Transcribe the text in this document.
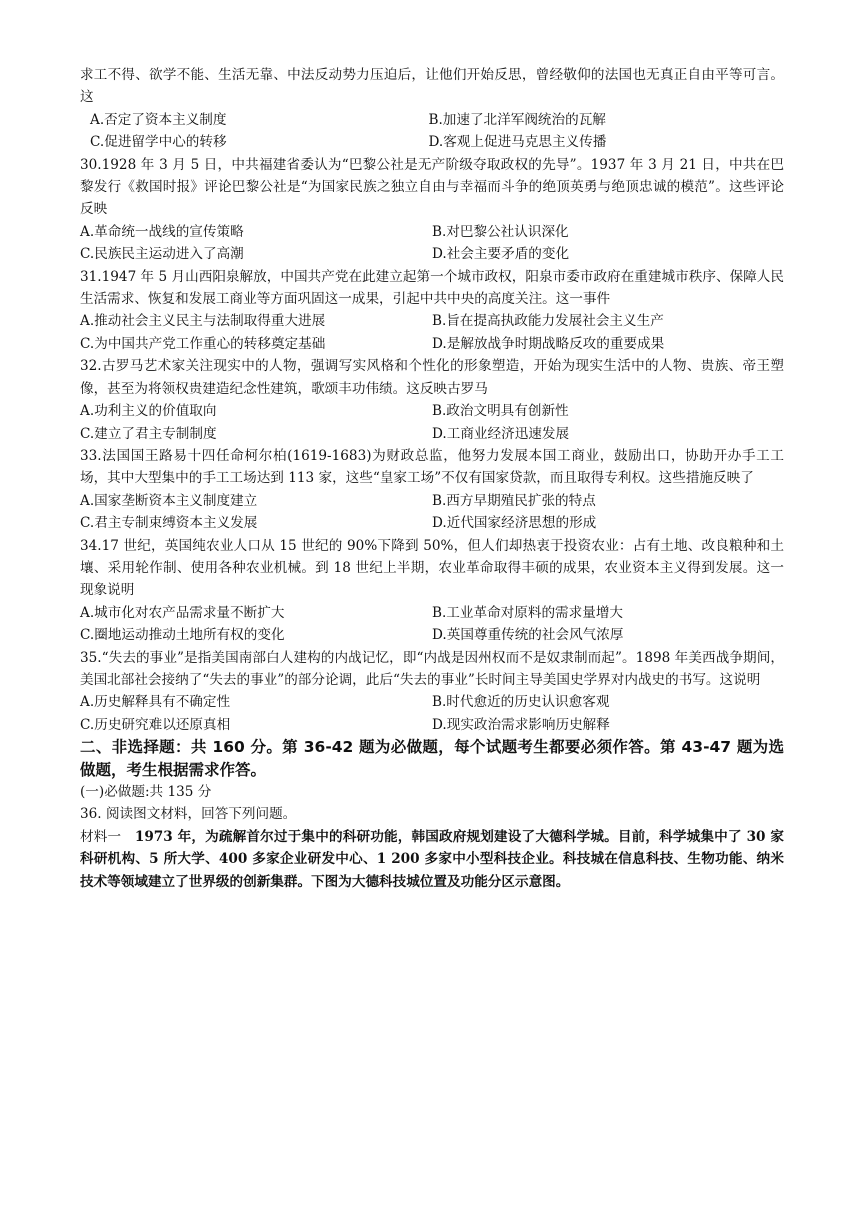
求工不得、欲学不能、生活无靠、中法反动势力压迫后，让他们开始反思，曾经敬仰的法国也无真正自由平等可言。这

A.否定了资本主义制度	B.加速了北洋军阀统治的瓦解
C.促进留学中心的转移	D.客观上促进马克思主义传播

30.1928 年 3 月 5 日，中共福建省委认为“巴黎公社是无产阶级夺取政权的先导”。1937 年 3 月 21 日，中共在巴黎发行《救国时报》评论巴黎公社是“为国家民族之独立自由与幸福而斗争的绝顶英勇与绝顶忠诚的模范”。这些评论反映

A.革命统一战线的宣传策略	B.对巴黎公社认识深化
C.民族民主运动进入了高潮	D.社会主要矛盾的变化

31.1947 年 5 月山西阳泉解放，中国共产党在此建立起第一个城市政权，阳泉市委市政府在重建城市秩序、保障人民生活需求、恢复和发展工商业等方面巩固这一成果，引起中共中央的高度关注。这一事件

A.推动社会主义民主与法制取得重大进展	B.旨在提高执政能力发展社会主义生产
C.为中国共产党工作重心的转移奠定基础	D.是解放战争时期战略反攻的重要成果

32.古罗马艺术家关注现实中的人物，强调写实风格和个性化的形象塑造，开始为现实生活中的人物、贵族、帝王塑像，甚至为将领权贵建造纪念性建筑，歌颂丰功伟绩。这反映古罗马

A.功利主义的价值取向	B.政治文明具有创新性
C.建立了君主专制制度	D.工商业经济迅速发展

33.法国国王路易十四任命柯尔柏(1619-1683)为财政总监，他努力发展本国工商业，鼓励出口，协助开办手工工场，其中大型集中的手工工场达到 113 家，这些“皇家工场”不仅有国家贷款，而且取得专利权。这些措施反映了

A.国家垄断资本主义制度建立	B.西方早期殖民扩张的特点
C.君主专制束缚资本主义发展	D.近代国家经济思想的形成

34.17 世纪，英国纯农业人口从 15 世纪的 90%下降到 50%，但人们却热衷于投资农业：占有土地、改良粮种和土壤、采用轮作制、使用各种农业机械。到 18 世纪上半期，农业革命取得丰硕的成果，农业资本主义得到发展。这一现象说明

A.城市化对农产品需求量不断扩大	B.工业革命对原料的需求量增大
C.圈地运动推动土地所有权的变化	D.英国尊重传统的社会风气浓厚

35.“失去的事业”是指美国南部白人建构的内战记忆，即“内战是因州权而不是奴隶制而起”。1898 年美西战争期间，美国北部社会接纳了“失去的事业”的部分论调，此后“失去的事业”长时间主导美国史学界对内战史的书写。这说明

A.历史解释具有不确定性	B.时代愈近的历史认识愈客观
C.历史研究难以还原真相	D.现实政治需求影响历史解释

二、非选择题：共 160 分。第 36-42 题为必做题，每个试题考生都要必须作答。第 43-47 题为选做题，考生根据需求作答。

(一)必做题:共 135 分

36. 阅读图文材料，回答下列问题。

材料一  1973 年，为疏解首尔过于集中的科研功能，韩国政府规划建设了大德科学城。目前，科学城集中了 30 家科研机构、5 所大学、400 多家企业研发中心、1 200 多家中小型科技企业。科技城在信息科技、生物功能、纳米技术等领域建立了世界级的创新集群。下图为大德科技城位置及功能分区示意图。
